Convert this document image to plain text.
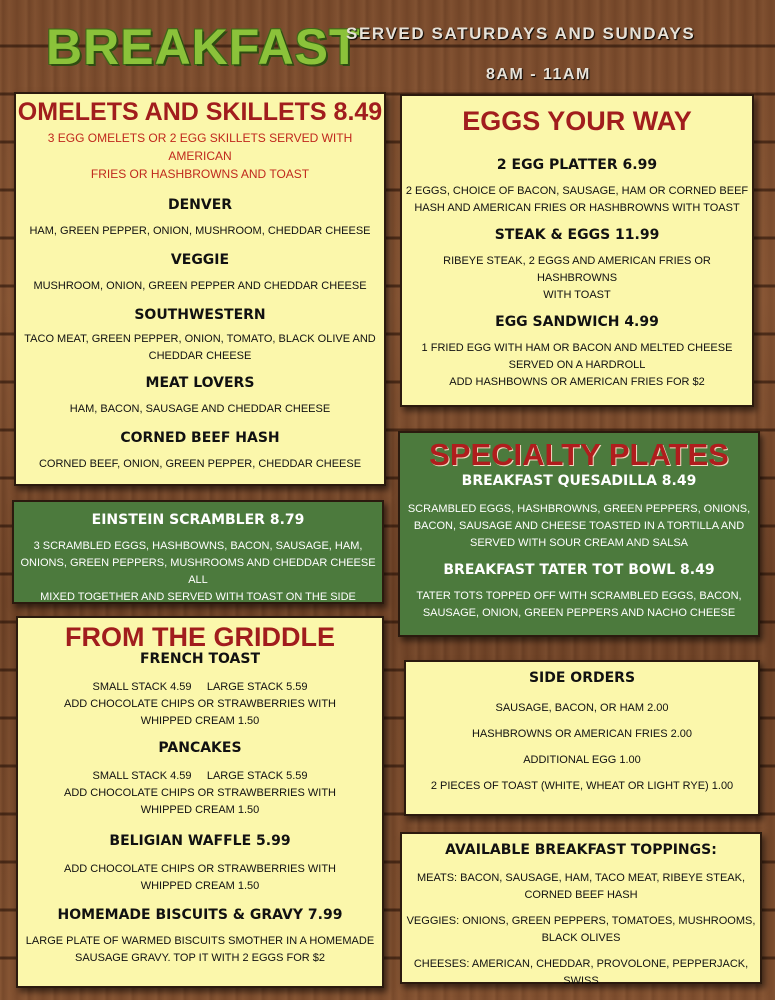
BREAKFAST
SERVED SATURDAYS AND SUNDAYS
8AM - 11AM
OMELETS AND SKILLETS 8.49
3 EGG OMELETS OR 2 EGG SKILLETS SERVED WITH AMERICAN
FRIES OR HASHBROWNS AND TOAST
DENVER
HAM, GREEN PEPPER, ONION, MUSHROOM, CHEDDAR CHEESE
VEGGIE
MUSHROOM, ONION, GREEN PEPPER AND CHEDDAR CHEESE
SOUTHWESTERN
TACO MEAT, GREEN PEPPER, ONION, TOMATO, BLACK OLIVE AND
CHEDDAR CHEESE
MEAT LOVERS
HAM, BACON, SAUSAGE AND CHEDDAR CHEESE
CORNED BEEF HASH
CORNED BEEF, ONION, GREEN PEPPER, CHEDDAR CHEESE
EGGS YOUR WAY
2 EGG PLATTER 6.99
2 EGGS, CHOICE OF BACON, SAUSAGE, HAM OR CORNED BEEF
HASH AND AMERICAN FRIES OR HASHBROWNS WITH TOAST
STEAK & EGGS 11.99
RIBEYE STEAK, 2 EGGS AND AMERICAN FRIES OR HASHBROWNS
WITH TOAST
EGG SANDWICH 4.99
1 FRIED EGG WITH HAM OR BACON AND MELTED CHEESE
SERVED ON A HARDROLL
ADD HASHBOWNS OR AMERICAN FRIES FOR $2
EINSTEIN SCRAMBLER 8.79
3 SCRAMBLED EGGS, HASHBOWNS, BACON, SAUSAGE, HAM,
ONIONS, GREEN PEPPERS, MUSHROOMS AND CHEDDAR CHEESE ALL
MIXED TOGETHER AND SERVED WITH TOAST ON THE SIDE
SPECIALTY PLATES
BREAKFAST QUESADILLA 8.49
SCRAMBLED EGGS, HASHBROWNS, GREEN PEPPERS, ONIONS,
BACON, SAUSAGE AND CHEESE TOASTED IN A TORTILLA AND
SERVED WITH SOUR CREAM AND SALSA
BREAKFAST TATER TOT BOWL 8.49
TATER TOTS TOPPED OFF WITH SCRAMBLED EGGS, BACON,
SAUSAGE, ONION, GREEN PEPPERS AND NACHO CHEESE
FROM THE GRIDDLE
FRENCH TOAST
SMALL STACK 4.59     LARGE STACK 5.59
ADD CHOCOLATE CHIPS OR STRAWBERRIES WITH
WHIPPED CREAM 1.50
PANCAKES
SMALL STACK 4.59     LARGE STACK 5.59
ADD CHOCOLATE CHIPS OR STRAWBERRIES WITH
WHIPPED CREAM 1.50
BELIGIAN WAFFLE 5.99
ADD CHOCOLATE CHIPS OR STRAWBERRIES WITH
WHIPPED CREAM 1.50
HOMEMADE BISCUITS & GRAVY 7.99
LARGE PLATE OF WARMED BISCUITS SMOTHER IN A HOMEMADE
SAUSAGE GRAVY. TOP IT WITH 2 EGGS FOR $2
SIDE ORDERS
SAUSAGE, BACON, OR HAM 2.00
HASHBROWNS OR AMERICAN FRIES 2.00
ADDITIONAL EGG 1.00
2 PIECES OF TOAST (WHITE, WHEAT OR LIGHT RYE) 1.00
AVAILABLE BREAKFAST TOPPINGS:
MEATS: BACON, SAUSAGE, HAM, TACO MEAT, RIBEYE STEAK,
CORNED BEEF HASH
VEGGIES: ONIONS, GREEN PEPPERS, TOMATOES, MUSHROOMS,
BLACK OLIVES
CHEESES: AMERICAN, CHEDDAR, PROVOLONE, PEPPERJACK, SWISS
